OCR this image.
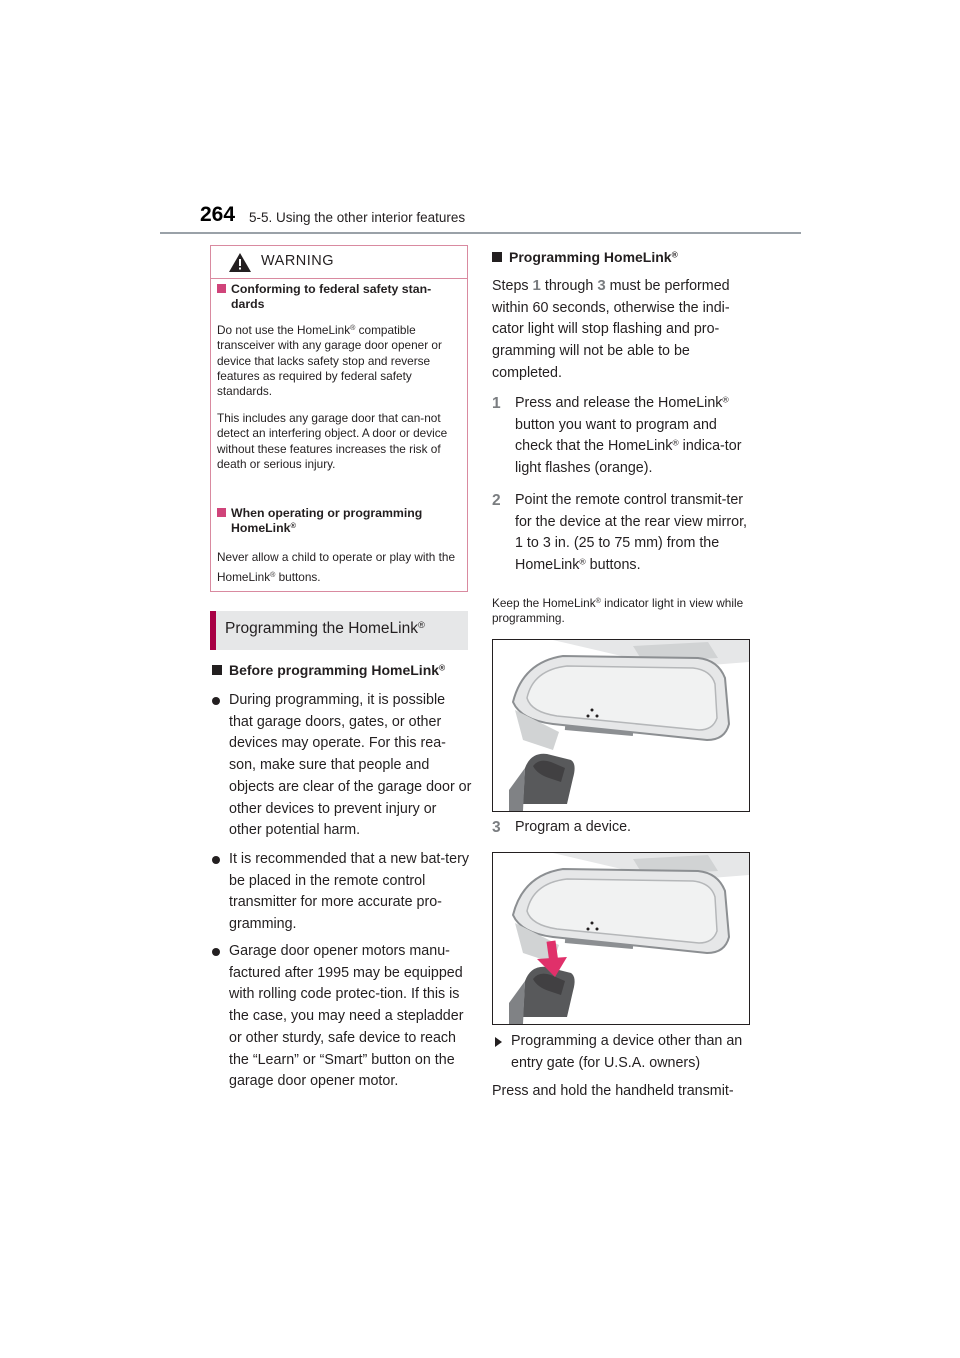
264 5-5. Using the other interior features
WARNING
Conforming to federal safety stan-dards
Do not use the HomeLink® compatible transceiver with any garage door opener or device that lacks safety stop and reverse features as required by federal safety standards.
This includes any garage door that can-not detect an interfering object. A door or device without these features increases the risk of death or serious injury.
When operating or programming HomeLink®
Never allow a child to operate or play with the HomeLink® buttons.
Programming the HomeLink®
Before programming HomeLink®
During programming, it is possible that garage doors, gates, or other devices may operate. For this rea-son, make sure that people and objects are clear of the garage door or other devices to prevent injury or other potential harm.
It is recommended that a new bat-tery be placed in the remote control transmitter for more accurate pro-gramming.
Garage door opener motors manu-factured after 1995 may be equipped with rolling code protec-tion. If this is the case, you may need a stepladder or other sturdy, safe device to reach the “Learn” or “Smart” button on the garage door opener motor.
Programming HomeLink®
Steps 1 through 3 must be performed within 60 seconds, otherwise the indi-cator light will stop flashing and pro-gramming will not be able to be completed.
1 Press and release the HomeLink® button you want to program and check that the HomeLink® indica-tor light flashes (orange).
2 Point the remote control transmit-ter for the device at the rear view mirror, 1 to 3 in. (25 to 75 mm) from the HomeLink® buttons.
Keep the HomeLink® indicator light in view while programming.
3 Program a device.
Programming a device other than an entry gate (for U.S.A. owners)
Press and hold the handheld transmit-
